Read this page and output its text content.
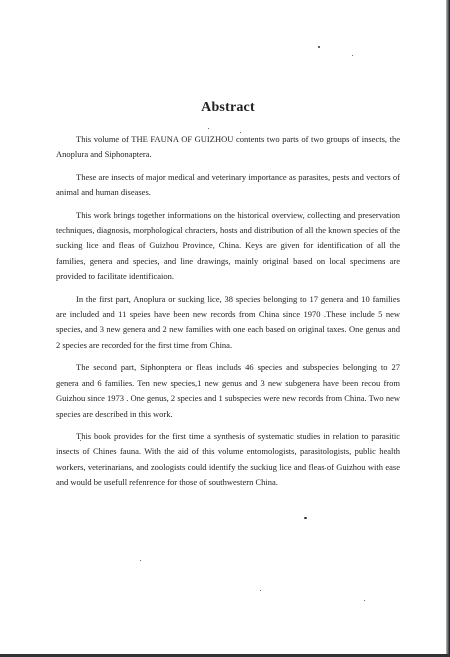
Abstract

This volume of THE FAUNA OF GUIZHOU contents two parts of two groups of insects, the Anoplura and Siphonaptera.

These are insects of major medical and veterinary importance as parasites, pests and vectors of animal and human diseases.

This work brings together informations on the historical overview, collecting and preservation techniques, diagnosis, morphological chracters, hosts and distribution of all the known species of the sucking lice and fleas of Guizhou Province, China. Keys are given for identification of all the families, genera and species, and line drawings, mainly original based on local specimens are provided to facilitate identificaion.

In the first part, Anoplura or sucking lice, 38 species belonging to 17 genera and 10 families are included and 11 speies have been new records from China since 1970 .These include 5 new species, and 3 new genera and 2 new families with one each based on original taxes. One genus and 2 species are recorded for the first time from China.

The second part, Siphonptera or fleas includs 46 species and subspecies belonging to 27 genera and 6 families. Ten new species,1 new genus and 3 new subgenera have been recou from Guizhou since 1973 . One genus, 2 species and 1 subspecies were new records from China. Two new species are described in this work.

This book provides for the first time a synthesis of systematic studies in relation to parasitic insects of Chines fauna. With the aid of this volume entomologists, parasitologists, public health workers, veterinarians, and zoologists could identify the suckiug lice and fleas of Guizhou with ease and would be usefull refenrence for those of southwestern China.
